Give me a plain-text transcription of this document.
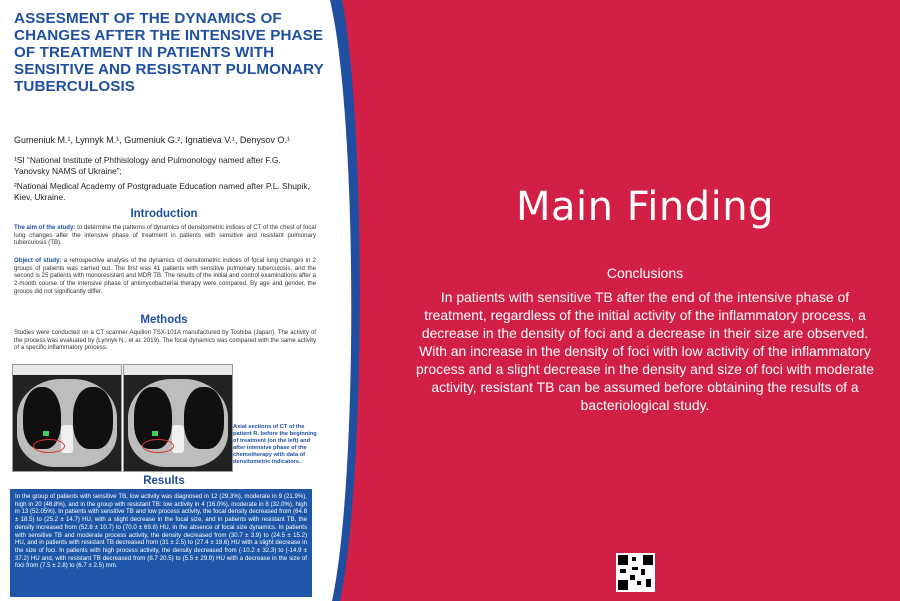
ASSESMENT OF THE DYNAMICS OF CHANGES AFTER THE INTENSIVE PHASE OF TREATMENT IN PATIENTS WITH SENSITIVE AND RESISTANT PULMONARY TUBERCULOSIS
Gumeniuk M.¹, Lynnyk M.¹, Gumeniuk G.², Ignatieva V.¹, Denysov O.¹
¹SI “National Institute of Phthisiology and Pulmonology named after F.G. Yanovsky NAMS of Ukraine”;
²National Medical Academy of Postgraduate Education named after P.L. Shupik, Kiev, Ukraine.
Introduction
The aim of the study: to determine the patterns of dynamics of densitometric indices of CT of the chest of focal lung changes after the intensive phase of treatment in patients with sensitive and resistant pulmonary tuberculosis (TB).
Object of study: a retrospective analysis of the dynamics of densitometric indices of focal lung changes in 2 groups of patients was carried out. The first was 41 patients with sensitive pulmonary tuberculosis, and the second is 25 patients with monoresistant and MDR TB. The results of the initial and control examinations after a 2-month course of the intensive phase of antimycobacterial therapy were compared. By age and gender, the groups did not significantly differ.
Methods
Studies were conducted on a CT scanner Aquilion TSX-101A manufactured by Toshiba (Japan). The activity of the process was evaluated by (Lynnyk N., et al. 2019). The focal dynamics was compared with the same activity of a specific inflammatory process.
Axial sections of CT of the patient R. before the beginning of treatment (on the left) and after intensive phase of the chemotherapy with data of densitometric indicators.
Results
In the group of patients with sensitive TB, low activity was diagnosed in 12 (29.3%), moderate in 9 (21.9%), high in 20 (48.8%), and in the group with resistant TB: low activity in 4 (16.0%), moderate in 8 (32.0%), high in 13 (52.05%). In patients with sensitive TB and low process activity, the focal density decreased from (64.8 ± 18.5) to (25.2 ± 14.7) HU, with a slight decrease in the focal size, and in patients with resistant TB, the density increased from (52.8 ± 10.7) to (70.0 ± 69.8) HU, in the absence of focal size dynamics. In patients with sensitive TB and moderate process activity, the density decreased from (30.7 ± 3.9) to (24.5 ± 15.2) HU, and in patients with resistant TB decreased from (31 ± 2.5) to (27.4 ± 18.6) HU with a slight decrease in the size of foci. In patients with high process activity, the density decreased from (-10.2 ± 32.3) to (-14.9 ± 37.2) HU and, with resistant TB decreased from (8.7 20.5) to (5.5 ± 29.9) HU with a decrease in the size of foci from (7.5 ± 2.8) to (6.7 ± 2.5) mm.
Main Finding
Conclusions
In patients with sensitive TB after the end of the intensive phase of treatment, regardless of the initial activity of the inflammatory process, a decrease in the density of foci and a decrease in their size are observed. With an increase in the density of foci with low activity of the inflammatory process and a slight decrease in the density and size of foci with moderate activity, resistant TB can be assumed before obtaining the results of a bacteriological study.
